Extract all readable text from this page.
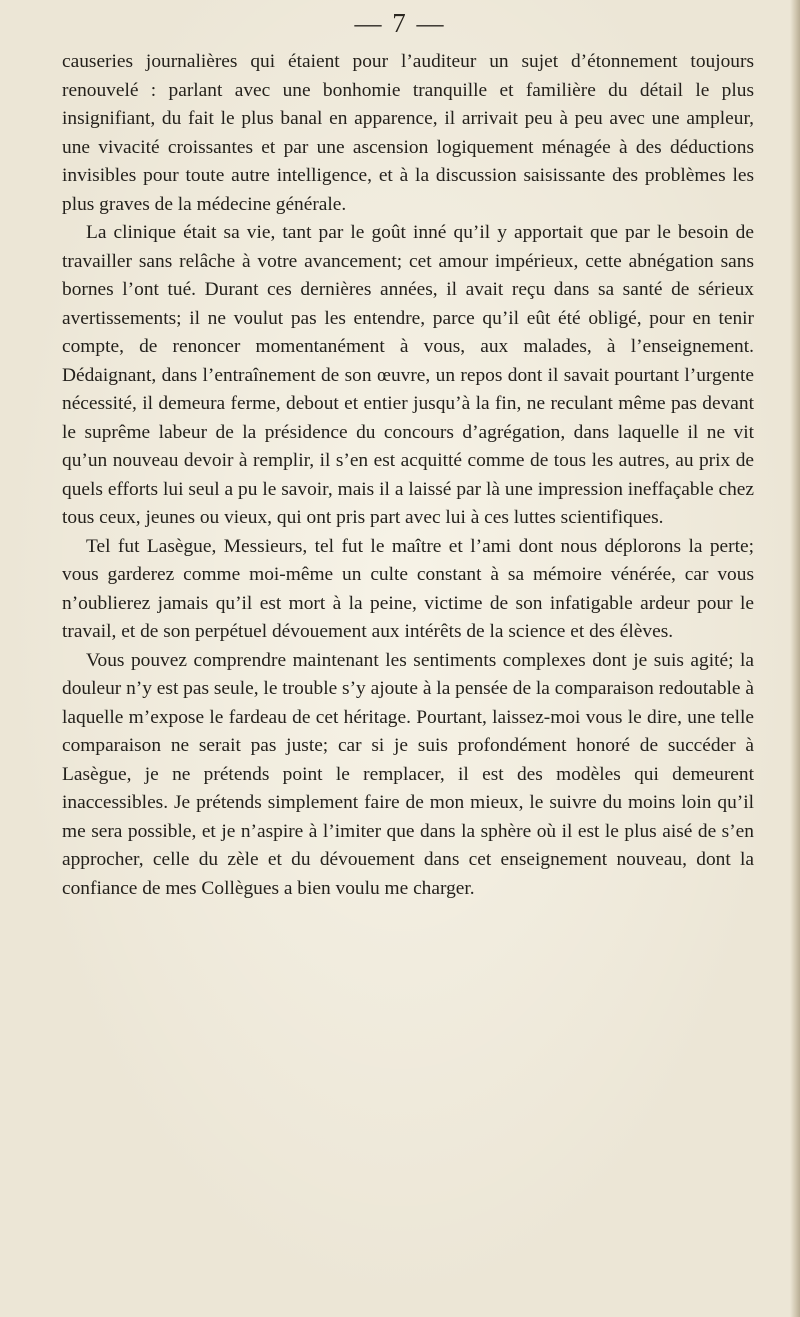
— 7 —

causeries journalières qui étaient pour l’auditeur un sujet d’étonnement toujours renouvelé : parlant avec une bonhomie tranquille et familière du détail le plus insignifiant, du fait le plus banal en apparence, il arrivait peu à peu avec une ampleur, une vivacité croissantes et par une ascension logiquement ménagée à des déductions invisibles pour toute autre intelligence, et à la discussion saisissante des problèmes les plus graves de la médecine générale.

La clinique était sa vie, tant par le goût inné qu’il y apportait que par le besoin de travailler sans relâche à votre avancement; cet amour impérieux, cette abnégation sans bornes l’ont tué. Durant ces dernières années, il avait reçu dans sa santé de sérieux avertissements; il ne voulut pas les entendre, parce qu’il eût été obligé, pour en tenir compte, de renoncer momentanément à vous, aux malades, à l’enseignement. Dédaignant, dans l’entraînement de son œuvre, un repos dont il savait pourtant l’urgente nécessité, il demeura ferme, debout et entier jusqu’à la fin, ne reculant même pas devant le suprême labeur de la présidence du concours d’agrégation, dans laquelle il ne vit qu’un nouveau devoir à remplir, il s’en est acquitté comme de tous les autres, au prix de quels efforts lui seul a pu le savoir, mais il a laissé par là une impression ineffaçable chez tous ceux, jeunes ou vieux, qui ont pris part avec lui à ces luttes scientifiques.

Tel fut Lasègue, Messieurs, tel fut le maître et l’ami dont nous déplorons la perte; vous garderez comme moi-même un culte constant à sa mémoire vénérée, car vous n’oublierez jamais qu’il est mort à la peine, victime de son infatigable ardeur pour le travail, et de son perpétuel dévouement aux intérêts de la science et des élèves.

Vous pouvez comprendre maintenant les sentiments complexes dont je suis agité; la douleur n’y est pas seule, le trouble s’y ajoute à la pensée de la comparaison redoutable à laquelle m’expose le fardeau de cet héritage. Pourtant, laissez-moi vous le dire, une telle comparaison ne serait pas juste; car si je suis profondément honoré de succéder à Lasègue, je ne prétends point le remplacer, il est des modèles qui demeurent inaccessibles. Je prétends simplement faire de mon mieux, le suivre du moins loin qu’il me sera possible, et je n’aspire à l’imiter que dans la sphère où il est le plus aisé de s’en approcher, celle du zèle et du dévouement dans cet enseignement nouveau, dont la confiance de mes Collègues a bien voulu me charger.
